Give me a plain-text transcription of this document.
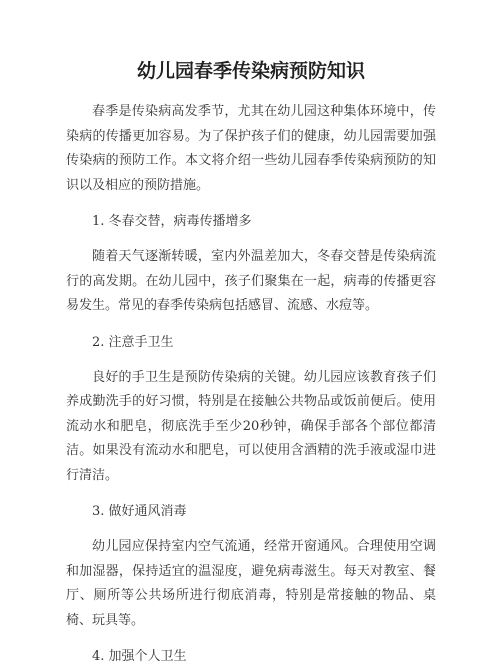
幼儿园春季传染病预防知识

春季是传染病高发季节，尤其在幼儿园这种集体环境中，传染病的传播更加容易。为了保护孩子们的健康，幼儿园需要加强传染病的预防工作。本文将介绍一些幼儿园春季传染病预防的知识以及相应的预防措施。

1. 冬春交替，病毒传播增多

随着天气逐渐转暖，室内外温差加大，冬春交替是传染病流行的高发期。在幼儿园中，孩子们聚集在一起，病毒的传播更容易发生。常见的春季传染病包括感冒、流感、水痘等。

2. 注意手卫生

良好的手卫生是预防传染病的关键。幼儿园应该教育孩子们养成勤洗手的好习惯，特别是在接触公共物品或饭前便后。使用流动水和肥皂，彻底洗手至少20秒钟，确保手部各个部位都清洁。如果没有流动水和肥皂，可以使用含酒精的洗手液或湿巾进行清洁。

3. 做好通风消毒

幼儿园应保持室内空气流通，经常开窗通风。合理使用空调和加湿器，保持适宜的温湿度，避免病毒滋生。每天对教室、餐厅、厕所等公共场所进行彻底消毒，特别是常接触的物品、桌椅、玩具等。

4. 加强个人卫生
